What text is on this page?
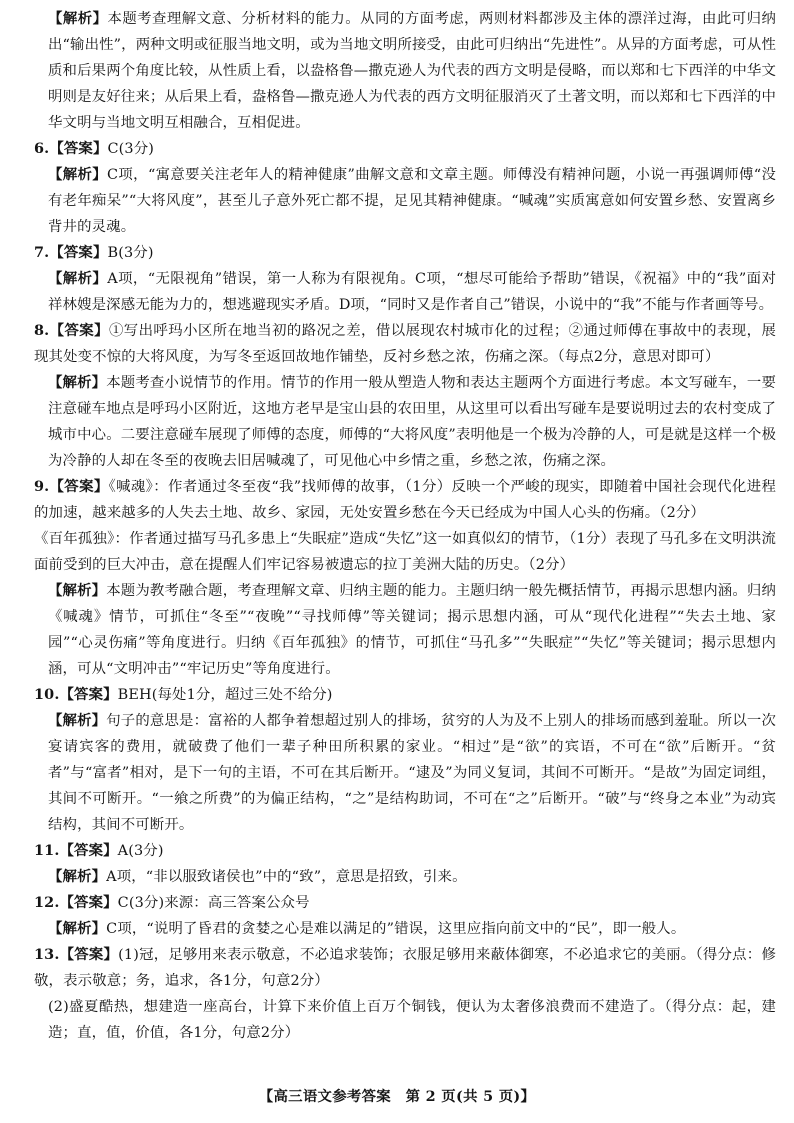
【解析】本题考查理解文意、分析材料的能力。从同的方面考虑，两则材料都涉及主体的漂洋过海，由此可归纳出“输出性”，两种文明或征服当地文明，或为当地文明所接受，由此可归纳出“先进性”。从异的方面考虑，可从性质和后果两个角度比较，从性质上看，以盎格鲁—撒克逊人为代表的西方文明是侵略，而以郑和七下西洋的中华文明则是友好往来；从后果上看，盎格鲁—撒克逊人为代表的西方文明征服消灭了土著文明，而以郑和七下西洋的中华文明与当地文明互相融合，互相促进。

6.【答案】C(3分)

【解析】C项，“寓意要关注老年人的精神健康”曲解文意和文章主题。师傅没有精神问题，小说一再强调师傅“没有老年痴呆”“大将风度”，甚至儿子意外死亡都不提，足见其精神健康。“喊魂”实质寓意如何安置乡愁、安置离乡背井的灵魂。

7.【答案】B(3分)

【解析】A项，“无限视角”错误，第一人称为有限视角。C项，“想尽可能给予帮助”错误，《祝福》中的“我”面对祥林嫂是深感无能为力的，想逃避现实矛盾。D项，“同时又是作者自己”错误，小说中的“我”不能与作者画等号。

8.【答案】①写出呼玛小区所在地当初的路况之差，借以展现农村城市化的过程；②通过师傅在事故中的表现，展现其处变不惊的大将风度，为写冬至返回故地作铺垫，反衬乡愁之浓，伤痛之深。（每点2分，意思对即可）

【解析】本题考查小说情节的作用。情节的作用一般从塑造人物和表达主题两个方面进行考虑。本文写碰车，一要注意碰车地点是呼玛小区附近，这地方老早是宝山县的农田里，从这里可以看出写碰车是要说明过去的农村变成了城市中心。二要注意碰车展现了师傅的态度，师傅的“大将风度”表明他是一个极为冷静的人，可是就是这样一个极为冷静的人却在冬至的夜晚去旧居喊魂了，可见他心中乡情之重，乡愁之浓，伤痛之深。

9.【答案】《喊魂》：作者通过冬至夜“我”找师傅的故事，（1分）反映一个严峻的现实，即随着中国社会现代化进程的加速，越来越多的人失去土地、故乡、家园，无处安置乡愁在今天已经成为中国人心头的伤痛。（2分）

《百年孤独》：作者通过描写马孔多患上“失眠症”造成“失忆”这一如真似幻的情节，（1分）表现了马孔多在文明洪流面前受到的巨大冲击，意在提醒人们牢记容易被遗忘的拉丁美洲大陆的历史。（2分）

【解析】本题为教考融合题，考查理解文章、归纳主题的能力。主题归纳一般先概括情节，再揭示思想内涵。归纳《喊魂》情节，可抓住“冬至”“夜晚”“寻找师傅”等关键词；揭示思想内涵，可从“现代化进程”“失去土地、家园”“心灵伤痛”等角度进行。归纳《百年孤独》的情节，可抓住“马孔多”“失眠症”“失忆”等关键词；揭示思想内涵，可从“文明冲击”“牢记历史”等角度进行。

10.【答案】BEH(每处1分，超过三处不给分)

【解析】句子的意思是：富裕的人都争着想超过别人的排场，贫穷的人为及不上别人的排场而感到羞耻。所以一次宴请宾客的费用，就破费了他们一辈子种田所积累的家业。“相过”是“欲”的宾语，不可在“欲”后断开。“贫者”与“富者”相对，是下一句的主语，不可在其后断开。“逮及”为同义复词，其间不可断开。“是故”为固定词组，其间不可断开。“一飨之所费”的为偏正结构，“之”是结构助词，不可在“之”后断开。“破”与“终身之本业”为动宾结构，其间不可断开。

11.【答案】A(3分)

【解析】A项，“非以服致诸侯也”中的“致”，意思是招致，引来。

12.【答案】C(3分)来源：高三答案公众号

【解析】C项，“说明了昏君的贪婪之心是难以满足的”错误，这里应指向前文中的“民”，即一般人。

13.【答案】(1)冠，足够用来表示敬意，不必追求装饰；衣服足够用来蔽体御寒，不必追求它的美丽。（得分点：修敬，表示敬意；务，追求，各1分，句意2分）

(2)盛夏酷热，想建造一座高台，计算下来价值上百万个铜钱，便认为太奢侈浪费而不建造了。（得分点：起，建造；直，值，价值，各1分，句意2分）

【高三语文参考答案　第 2 页(共 5 页)】
